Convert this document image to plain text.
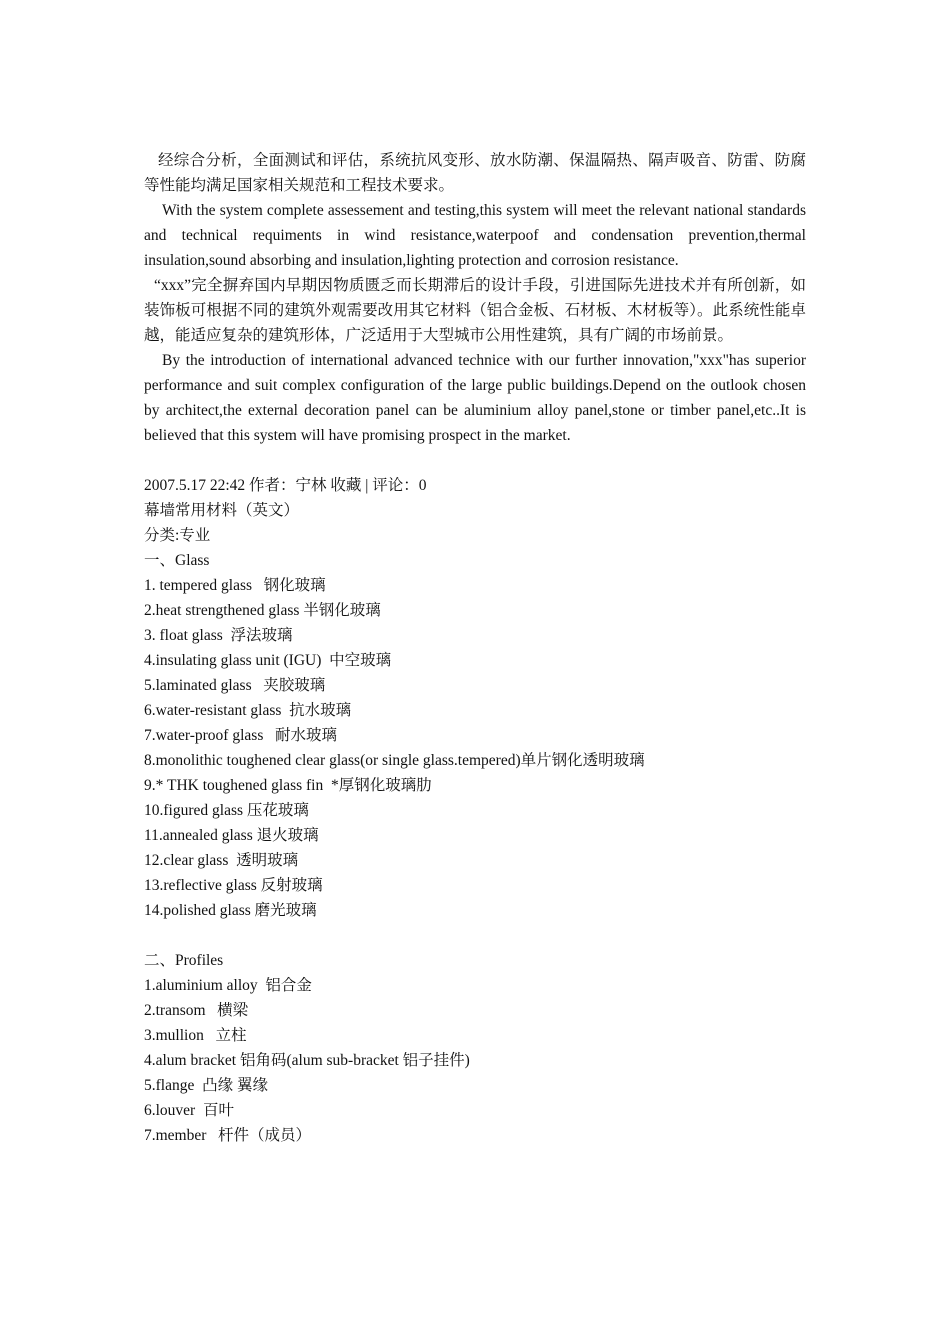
经综合分析，全面测试和评估，系统抗风变形、放水防潮、保温隔热、隔声吸音、防雷、防腐等性能均满足国家相关规范和工程技术要求。

With the system complete assessement and testing,this system will meet the relevant national standards and technical requiments in wind resistance,waterpoof and condensation prevention,thermal insulation,sound absorbing and insulation,lighting protection and corrosion resistance.

“xxx”完全摒弃国内早期因物质匮乏而长期滞后的设计手段，引进国际先进技术并有所创新，如装饰板可根据不同的建筑外观需要改用其它材料（铝合金板、石材板、木材板等）。此系统性能卓越，能适应复杂的建筑形体，广泛适用于大型城市公用性建筑，具有广阔的市场前景。

By the introduction of international advanced technice with our further innovation,"xxx"has superior performance and suit complex configuration of the large public buildings.Depend on the outlook chosen by architect,the external decoration panel can be aluminium alloy panel,stone or timber panel,etc..It is believed that this system will have promising prospect in the market.

2007.5.17 22:42 作者：宁林 收藏 | 评论：0

幕墙常用材料（英文）

分类:专业

一、Glass

1. tempered glass   钢化玻璃

2.heat strengthened glass 半钢化玻璃

3. float glass  浮法玻璃

4.insulating glass unit (IGU)  中空玻璃

5.laminated glass   夹胶玻璃

6.water-resistant glass  抗水玻璃

7.water-proof glass   耐水玻璃

8.monolithic toughened clear glass(or single glass.tempered)单片钢化透明玻璃

9.* THK toughened glass fin  *厚钢化玻璃肋

10.figured glass 压花玻璃

11.annealed glass 退火玻璃

12.clear glass  透明玻璃

13.reflective glass 反射玻璃

14.polished glass 磨光玻璃

二、Profiles

1.aluminium alloy  铝合金

2.transom   横梁

3.mullion   立柱

4.alum bracket 铝角码(alum sub-bracket 铝子挂件)

5.flange  凸缘 翼缘

6.louver  百叶

7.member   杆件（成员）
